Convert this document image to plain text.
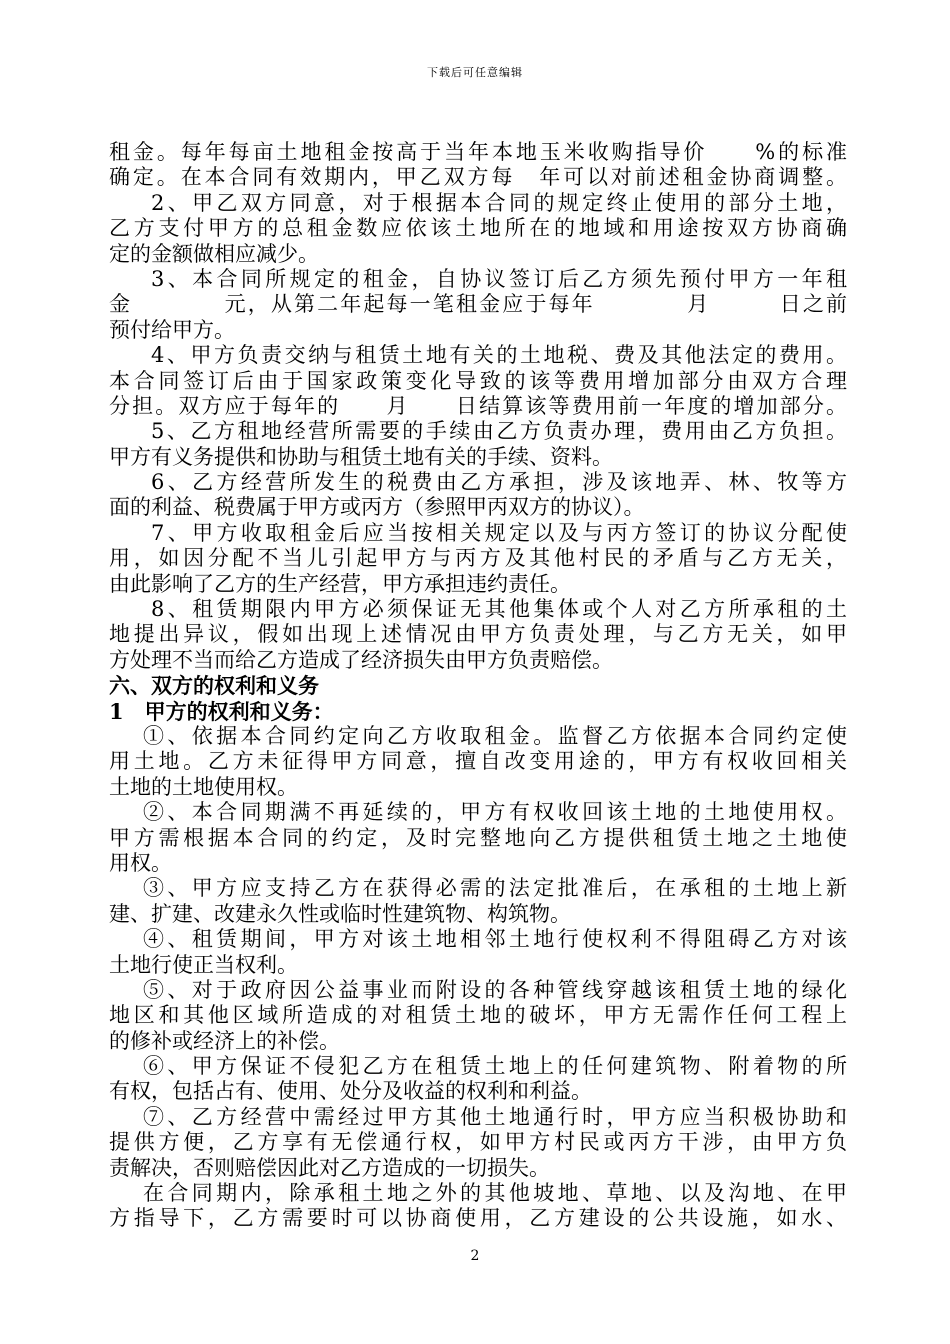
下载后可任意编辑
租金。每年每亩土地租金按高于当年本地玉米收购指导价　　%的标准
确定。在本合同有效期内，甲乙双方每　年可以对前述租金协商调整。
2、甲乙双方同意，对于根据本合同的规定终止使用的部分土地，
乙方支付甲方的总租金数应依该土地所在的地域和用途按双方协商确
定的金额做相应减少。
3、本合同所规定的租金，自协议签订后乙方须先预付甲方一年租
金　　　　元，从第二年起每一笔租金应于每年　　　　月　　　日之前
预付给甲方。
4、甲方负责交纳与租赁土地有关的土地税、费及其他法定的费用。
本合同签订后由于国家政策变化导致的该等费用增加部分由双方合理
分担。双方应于每年的　　月　　日结算该等费用前一年度的增加部分。
5、乙方租地经营所需要的手续由乙方负责办理，费用由乙方负担。
甲方有义务提供和协助与租赁土地有关的手续、资料。
6、乙方经营所发生的税费由乙方承担，涉及该地弄、林、牧等方
面的利益、税费属于甲方或丙方（参照甲丙双方的协议）。
7、甲方收取租金后应当按相关规定以及与丙方签订的协议分配使
用，如因分配不当儿引起甲方与丙方及其他村民的矛盾与乙方无关，
由此影响了乙方的生产经营，甲方承担违约责任。
8、租赁期限内甲方必须保证无其他集体或个人对乙方所承租的土
地提出异议，假如出现上述情况由甲方负责处理，与乙方无关，如甲
方处理不当而给乙方造成了经济损失由甲方负责赔偿。
六、双方的权利和义务
1　甲方的权利和义务：
①、依据本合同约定向乙方收取租金。监督乙方依据本合同约定使
用土地。乙方未征得甲方同意，擅自改变用途的，甲方有权收回相关
土地的土地使用权。
②、本合同期满不再延续的，甲方有权收回该土地的土地使用权。
甲方需根据本合同的约定，及时完整地向乙方提供租赁土地之土地使
用权。
③、甲方应支持乙方在获得必需的法定批准后，在承租的土地上新
建、扩建、改建永久性或临时性建筑物、构筑物。
④、租赁期间，甲方对该土地相邻土地行使权利不得阻碍乙方对该
土地行使正当权利。
⑤、对于政府因公益事业而附设的各种管线穿越该租赁土地的绿化
地区和其他区域所造成的对租赁土地的破坏，甲方无需作任何工程上
的修补或经济上的补偿。
⑥、甲方保证不侵犯乙方在租赁土地上的任何建筑物、附着物的所
有权，包括占有、使用、处分及收益的权利和利益。
⑦、乙方经营中需经过甲方其他土地通行时，甲方应当积极协助和
提供方便，乙方享有无偿通行权，如甲方村民或丙方干涉，由甲方负
责解决，否则赔偿因此对乙方造成的一切损失。
在合同期内，除承租土地之外的其他坡地、草地、以及沟地、在甲
方指导下，乙方需要时可以协商使用，乙方建设的公共设施，如水、
2
